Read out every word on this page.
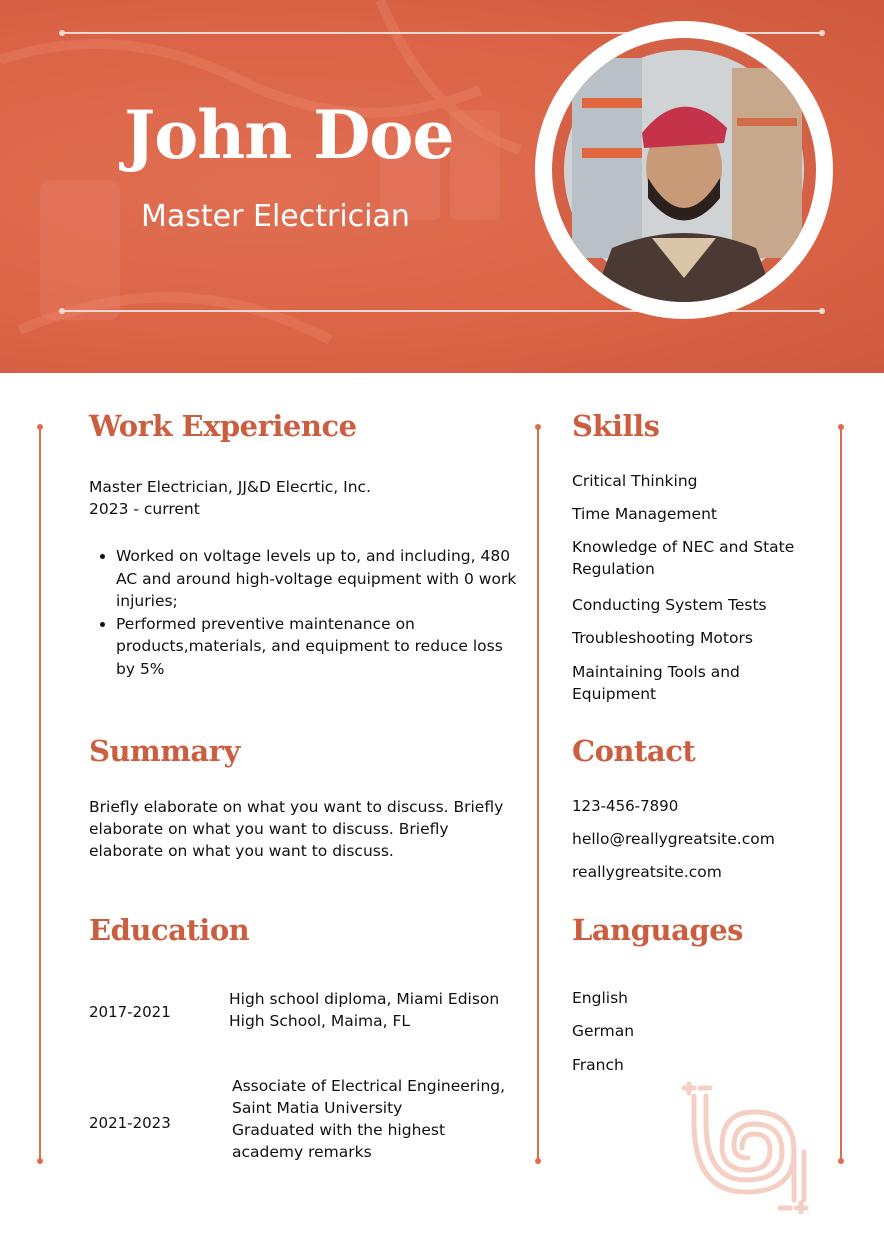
John Doe
Master Electrician
Work Experience
Master Electrician, JJ&D Elecrtic, Inc.
2023 - current
• Worked on voltage levels up to, and including, 480 AC and around high-voltage equipment with 0 work injuries;
• Performed preventive maintenance on products,materials, and equipment to reduce loss by 5%
Summary
Briefly elaborate on what you want to discuss. Briefly elaborate on what you want to discuss. Briefly elaborate on what you want to discuss.
Education
2017-2021
High school diploma, Miami Edison
High School, Maima, FL
2021-2023
Associate of Electrical Engineering,
Saint Matia University
Graduated with the highest
academy remarks
Skills
Critical Thinking
Time Management
Knowledge of NEC and State Regulation
Conducting System Tests
Troubleshooting Motors
Maintaining Tools and Equipment
Contact
123-456-7890
hello@reallygreatsite.com
reallygreatsite.com
Languages
English
German
Franch
